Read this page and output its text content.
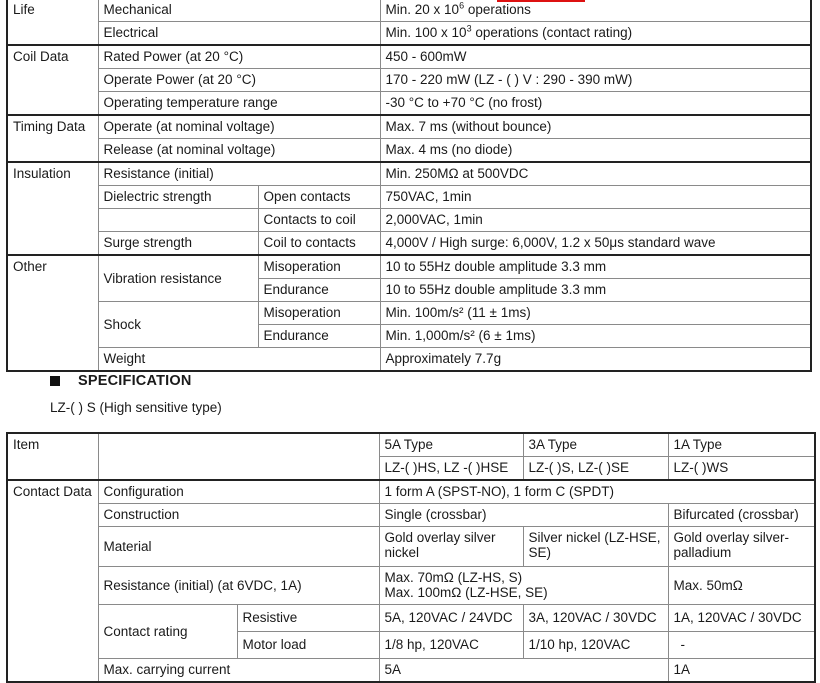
Life	Mechanical		Min. 20 x $10^6$ operations
	Electrical		Min. 100 x $10^3$ operations (contact rating)
Coil Data	Rated Power (at 20 °C)		450 - 600mW
	Operate Power (at 20 °C)		170 - 220 mW (LZ - ( ) V : 290 - 390 mW)
	Operating temperature range		-30 °C to +70 °C (no frost)
Timing Data	Operate (at nominal voltage)		Max. 7 ms (without bounce)
	Release (at nominal voltage)		Max. 4 ms (no diode)
Insulation	Resistance (initial)		Min. 250MΩ at 500VDC
	Dielectric strength	Open contacts	750VAC, 1min
		Contacts to coil	2,000VAC, 1min
	Surge strength	Coil to contacts	4,000V / High surge: 6,000V, 1.2 x 50μs standard wave
Other	Vibration resistance	Misoperation	10 to 55Hz double amplitude 3.3 mm
		Endurance	10 to 55Hz double amplitude 3.3 mm
	Shock	Misoperation	Min. 100m/s² (11 ± 1ms)
		Endurance	Min. 1,000m/s² (6 ± 1ms)
	Weight		Approximately 7.7g
SPECIFICATION
LZ-( ) S (High sensitive type)
Item			5A Type	3A Type	1A Type
			LZ-( )HS, LZ -( )HSE	LZ-( )S, LZ-( )SE	LZ-( )WS
Contact Data	Configuration		1 form A (SPST-NO), 1 form C (SPDT)		
	Construction		Single (crossbar)		Bifurcated (crossbar)
	Material		Gold overlay silver nickel	Silver nickel (LZ-HSE, SE)	Gold overlay silver-palladium
	Resistance (initial) (at 6VDC, 1A)		Max. 70mΩ (LZ-HS, S)
Max. 100mΩ (LZ-HSE, SE)		Max. 50mΩ
	Contact rating	Resistive	5A, 120VAC / 24VDC	3A, 120VAC / 30VDC	1A, 120VAC / 30VDC
		Motor load	1/8 hp, 120VAC	1/10 hp, 120VAC	-
	Max. carrying current		5A		1A
